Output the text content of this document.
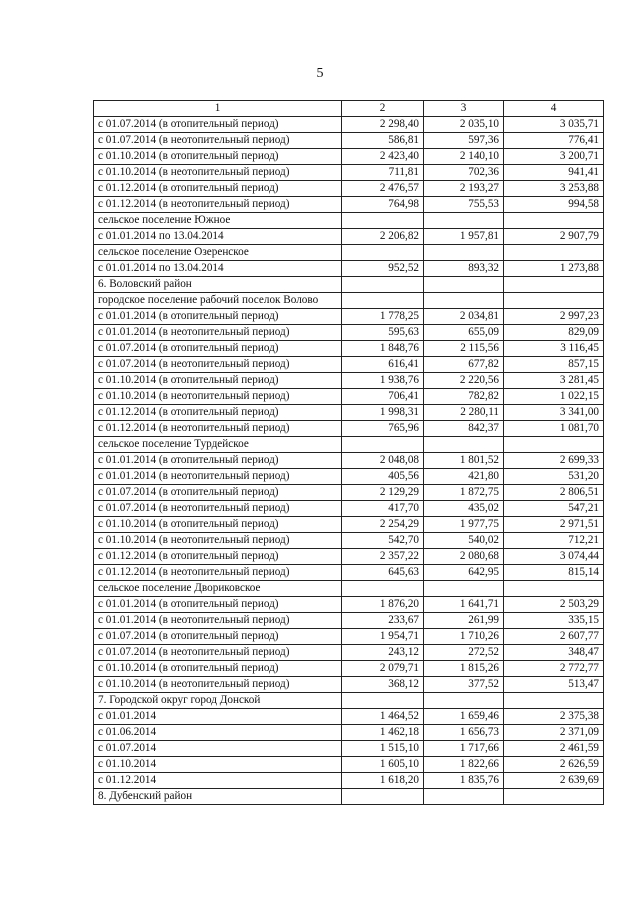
5
1	2	3	4
с 01.07.2014 (в отопительный период)	2 298,40	2 035,10	3 035,71
с 01.07.2014 (в неотопительный период)	586,81	597,36	776,41
с 01.10.2014 (в отопительный период)	2 423,40	2 140,10	3 200,71
с 01.10.2014 (в неотопительный период)	711,81	702,36	941,41
с 01.12.2014 (в отопительный период)	2 476,57	2 193,27	3 253,88
с 01.12.2014 (в неотопительный период)	764,98	755,53	994,58
сельское поселение Южное			
с 01.01.2014 по 13.04.2014	2 206,82	1 957,81	2 907,79
сельское поселение Озеренское			
с 01.01.2014 по 13.04.2014	952,52	893,32	1 273,88
6. Воловский район			
городское поселение рабочий поселок Волово			
с 01.01.2014 (в отопительный период)	1 778,25	2 034,81	2 997,23
с 01.01.2014 (в неотопительный период)	595,63	655,09	829,09
с 01.07.2014 (в отопительный период)	1 848,76	2 115,56	3 116,45
с 01.07.2014 (в неотопительный период)	616,41	677,82	857,15
с 01.10.2014 (в отопительный период)	1 938,76	2 220,56	3 281,45
с 01.10.2014 (в неотопительный период)	706,41	782,82	1 022,15
с 01.12.2014 (в отопительный период)	1 998,31	2 280,11	3 341,00
с 01.12.2014 (в неотопительный период)	765,96	842,37	1 081,70
сельское поселение Турдейское			
с 01.01.2014 (в отопительный период)	2 048,08	1 801,52	2 699,33
с 01.01.2014 (в неотопительный период)	405,56	421,80	531,20
с 01.07.2014 (в отопительный период)	2 129,29	1 872,75	2 806,51
с 01.07.2014 (в неотопительный период)	417,70	435,02	547,21
с 01.10.2014 (в отопительный период)	2 254,29	1 977,75	2 971,51
с 01.10.2014 (в неотопительный период)	542,70	540,02	712,21
с 01.12.2014 (в отопительный период)	2 357,22	2 080,68	3 074,44
с 01.12.2014 (в неотопительный период)	645,63	642,95	815,14
сельское поселение Двориковское			
с 01.01.2014 (в отопительный период)	1 876,20	1 641,71	2 503,29
с 01.01.2014 (в неотопительный период)	233,67	261,99	335,15
с 01.07.2014 (в отопительный период)	1 954,71	1 710,26	2 607,77
с 01.07.2014 (в неотопительный период)	243,12	272,52	348,47
с 01.10.2014 (в отопительный период)	2 079,71	1 815,26	2 772,77
с 01.10.2014 (в неотопительный период)	368,12	377,52	513,47
7. Городской округ город Донской			
с 01.01.2014	1 464,52	1 659,46	2 375,38
с 01.06.2014	1 462,18	1 656,73	2 371,09
с 01.07.2014	1 515,10	1 717,66	2 461,59
с 01.10.2014	1 605,10	1 822,66	2 626,59
с 01.12.2014	1 618,20	1 835,76	2 639,69
8. Дубенский район			
